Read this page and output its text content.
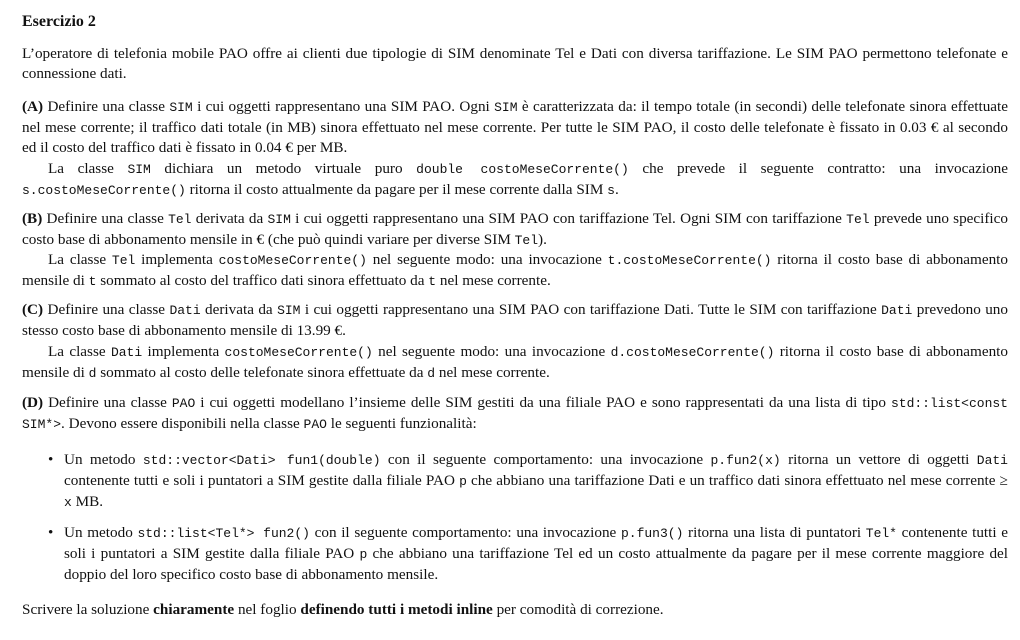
Esercizio 2

L’operatore di telefonia mobile PAO offre ai clienti due tipologie di SIM denominate Tel e Dati con diversa tariffazione. Le SIM PAO permettono telefonate e connessione dati.

(A) Definire una classe SIM i cui oggetti rappresentano una SIM PAO. Ogni SIM è caratterizzata da: il tempo totale (in secondi) delle telefonate sinora effettuate nel mese corrente; il traffico dati totale (in MB) sinora effettuato nel mese corrente. Per tutte le SIM PAO, il costo delle telefonate è fissato in 0.03 € al secondo ed il costo del traffico dati è fissato in 0.04 € per MB.

La classe SIM dichiara un metodo virtuale puro double costoMeseCorrente() che prevede il seguente contratto: una invocazione s.costoMeseCorrente() ritorna il costo attualmente da pagare per il mese corrente dalla SIM s.

(B) Definire una classe Tel derivata da SIM i cui oggetti rappresentano una SIM PAO con tariffazione Tel. Ogni SIM con tariffazione Tel prevede uno specifico costo base di abbonamento mensile in € (che può quindi variare per diverse SIM Tel).

La classe Tel implementa costoMeseCorrente() nel seguente modo: una invocazione t.costoMeseCorrente() ritorna il costo base di abbonamento mensile di t sommato al costo del traffico dati sinora effettuato da t nel mese corrente.

(C) Definire una classe Dati derivata da SIM i cui oggetti rappresentano una SIM PAO con tariffazione Dati. Tutte le SIM con tariffazione Dati prevedono uno stesso costo base di abbonamento mensile di 13.99 €.

La classe Dati implementa costoMeseCorrente() nel seguente modo: una invocazione d.costoMeseCorrente() ritorna il costo base di abbonamento mensile di d sommato al costo delle telefonate sinora effettuate da d nel mese corrente.

(D) Definire una classe PAO i cui oggetti modellano l’insieme delle SIM gestiti da una filiale PAO e sono rappresentati da una lista di tipo std::list<const SIM*>. Devono essere disponibili nella classe PAO le seguenti funzionalità:

• Un metodo std::vector<Dati> fun1(double) con il seguente comportamento: una invocazione p.fun2(x) ritorna un vettore di oggetti Dati contenente tutti e soli i puntatori a SIM gestite dalla filiale PAO p che abbiano una tariffazione Dati e un traffico dati sinora effettuato nel mese corrente ≥ x MB.
• Un metodo std::list<Tel*> fun2() con il seguente comportamento: una invocazione p.fun3() ritorna una lista di puntatori Tel* contenente tutti e soli i puntatori a SIM gestite dalla filiale PAO p che abbiano una tariffazione Tel ed un costo attualmente da pagare per il mese corrente maggiore del doppio del loro specifico costo base di abbonamento mensile.

Scrivere la soluzione chiaramente nel foglio definendo tutti i metodi inline per comodità di correzione.
